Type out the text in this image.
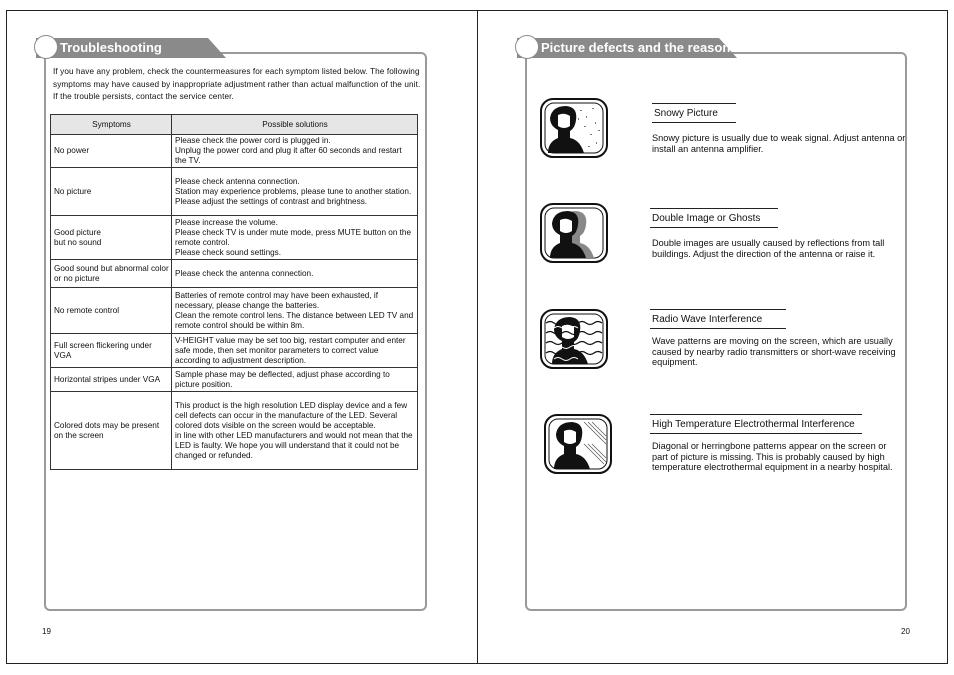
Troubleshooting
If you have any problem, check the countermeasures for each symptom listed below. The following symptoms may have caused by inappropriate adjustment rather than actual malfunction of the unit. If the trouble persists, contact the service center.
Symptoms	Possible solutions
No power	Please check the power cord is plugged in.
Unplug the power cord and plug it after 60 seconds and restart the TV.
No picture	Please check antenna connection.
Station may experience problems, please tune to another station.
Please adjust the settings of contrast and brightness.
Good picture
but no sound	Please increase the volume.
Please check TV is under mute mode, press MUTE button on the remote control.
Please check sound settings.
Good sound but abnormal color or no picture	Please check the antenna connection.
No remote control	Batteries of remote control may have been exhausted, if necessary, please change the batteries.
Clean the remote control lens. The distance between LED TV and remote control should be within 8m.
Full screen flickering under VGA	V-HEIGHT value may be set too big, restart computer and enter safe mode, then set monitor parameters to correct value according to adjustment description.
Horizontal stripes under VGA	Sample phase may be deflected, adjust phase according to picture position.
Colored dots may be present on the screen	This product is the high resolution LED display device and a few cell defects can occur in the manufacture of the LED. Several colored dots visible on the screen would be acceptable.
in line with other LED manufacturers and would not mean that the LED is faulty. We hope you will understand that it could not be changed or refunded.
19
Picture defects and the reason
Snowy Picture
Snowy picture is usually due to weak signal. Adjust antenna or install an antenna amplifier.
Double Image or Ghosts
Double images are usually caused by reflections from tall buildings. Adjust the direction of the antenna or raise it.
Radio Wave Interference
Wave patterns are moving on the screen, which are usually caused by nearby radio transmitters or short-wave receiving equipment.
High Temperature Electrothermal Interference
Diagonal or herringbone patterns appear on the screen or part of picture is missing. This is probably caused by high temperature electrothermal equipment in a nearby hospital.
20
